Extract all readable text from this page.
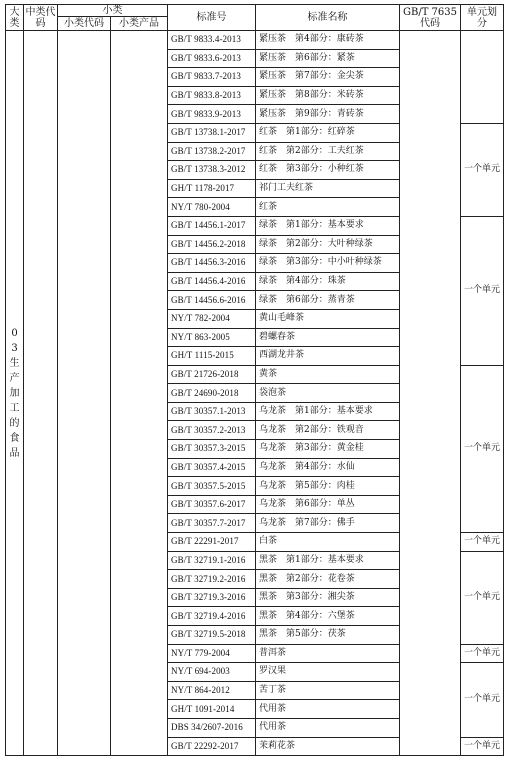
大类	中类代码	小类		标准号	标准名称	GB/T 7635代码	单元划分
		小类代码	小类产品				
03生产加工的食品				GB/T 9833.4-2013	紧压茶　第4部分：康砖茶		
				GB/T 9833.6-2013	紧压茶　第6部分：紧茶		
				GB/T 9833.7-2013	紧压茶　第7部分：金尖茶		
				GB/T 9833.8-2013	紧压茶　第8部分：米砖茶		
				GB/T 9833.9-2013	紧压茶　第9部分：青砖茶		
				GB/T 13738.1-2017	红茶　第1部分：红碎茶		一个单元
				GB/T 13738.2-2017	红茶　第2部分：工夫红茶		
				GB/T 13738.3-2012	红茶　第3部分：小种红茶		
				GH/T 1178-2017	祁门工夫红茶		
				NY/T 780-2004	红茶		
				GB/T 14456.1-2017	绿茶　第1部分：基本要求		一个单元
				GB/T 14456.2-2018	绿茶　第2部分：大叶种绿茶		
				GB/T 14456.3-2016	绿茶　第3部分：中小叶种绿茶		
				GB/T 14456.4-2016	绿茶　第4部分：珠茶		
				GB/T 14456.6-2016	绿茶　第6部分：蒸青茶		
				NY/T 782-2004	黄山毛峰茶		
				NY/T 863-2005	碧螺春茶		
				GH/T 1115-2015	西湖龙井茶		
				GB/T 21726-2018	黄茶		一个单元
				GB/T 24690-2018	袋泡茶		
				GB/T 30357.1-2013	乌龙茶　第1部分：基本要求		
				GB/T 30357.2-2013	乌龙茶　第2部分：铁观音		
				GB/T 30357.3-2015	乌龙茶　第3部分：黄金桂		
				GB/T 30357.4-2015	乌龙茶　第4部分：水仙		
				GB/T 30357.5-2015	乌龙茶　第5部分：肉桂		
				GB/T 30357.6-2017	乌龙茶　第6部分：单丛		
				GB/T 30357.7-2017	乌龙茶　第7部分：佛手		
				GB/T 22291-2017	白茶		一个单元
				GB/T 32719.1-2016	黑茶　第1部分：基本要求		一个单元
				GB/T 32719.2-2016	黑茶　第2部分：花卷茶		
				GB/T 32719.3-2016	黑茶　第3部分：湘尖茶		
				GB/T 32719.4-2016	黑茶　第4部分：六堡茶		
				GB/T 32719.5-2018	黑茶　第5部分：茯茶		
				NY/T 779-2004	普洱茶		一个单元
				NY/T 694-2003	罗汉果		一个单元
				NY/T 864-2012	苦丁茶		
				GH/T 1091-2014	代用茶		
				DBS 34/2607-2016	代用茶		
				GB/T 22292-2017	茉莉花茶		一个单元
